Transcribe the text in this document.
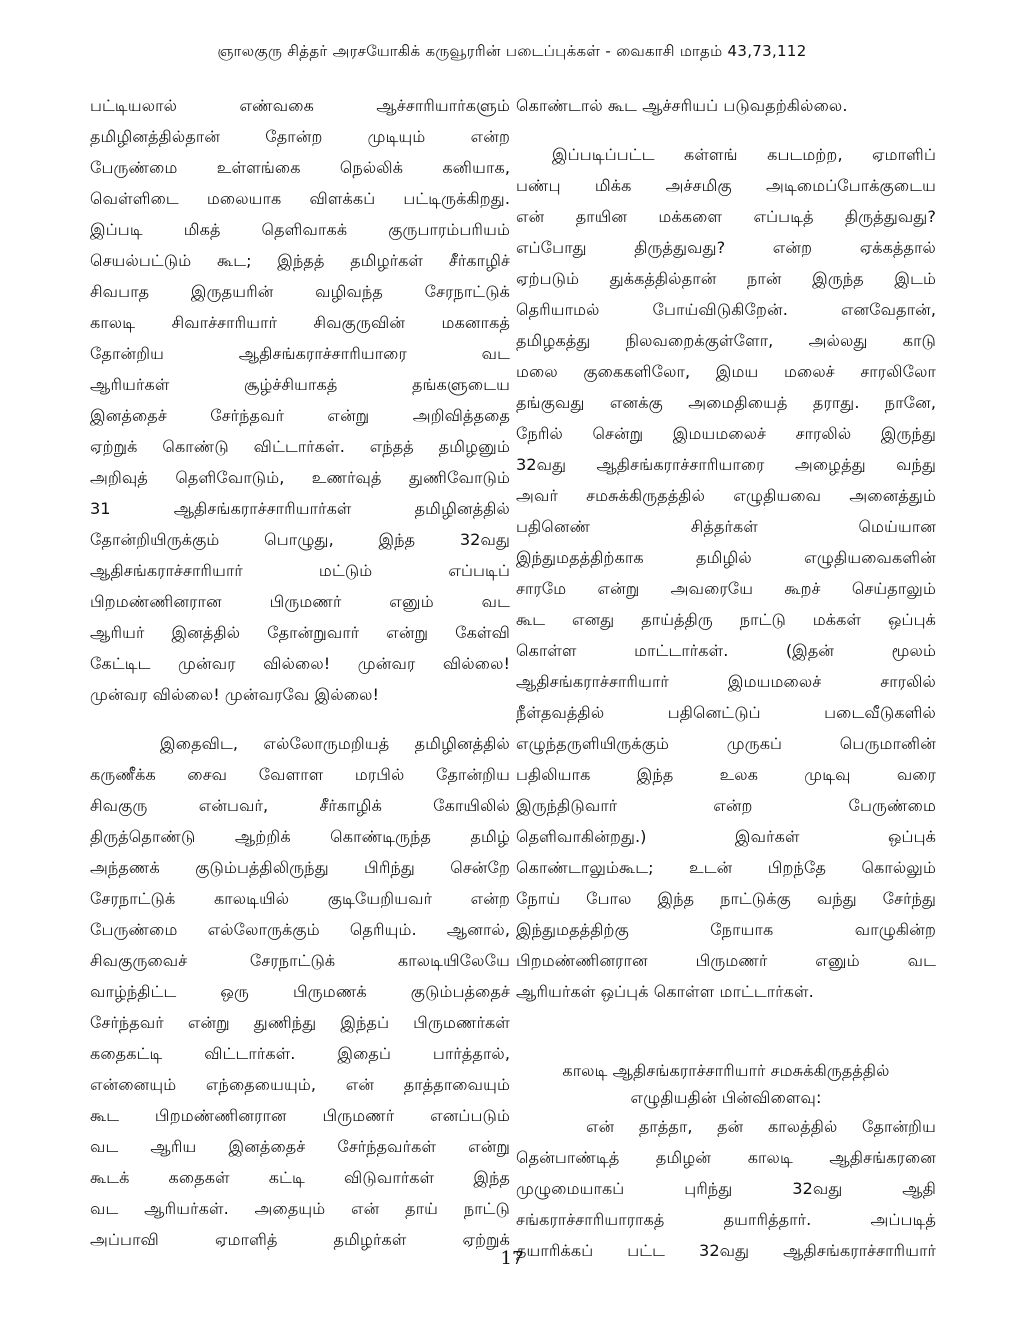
ஞாலகுரு சித்தர் அரசயோகிக் கருவூரரின் படைப்புக்கள் - வைகாசி மாதம் 43,73,112

பட்டியலால் எண்வகை ஆச்சாரியார்களும்
தமிழினத்தில்தான் தோன்ற முடியும் என்ற
பேருண்மை உள்ளங்கை நெல்லிக் கனியாக,
வெள்ளிடை மலையாக விளக்கப் பட்டிருக்கிறது.
இப்படி மிகத் தெளிவாகக் குருபாரம்பரியம்
செயல்பட்டும் கூட; இந்தத் தமிழர்கள் சீர்காழிச்
சிவபாத இருதயரின் வழிவந்த சேரநாட்டுக்
காலடி சிவாச்சாரியார் சிவகுருவின் மகனாகத்
தோன்றிய ஆதிசங்கராச்சாரியாரை வட
ஆரியர்கள் சூழ்ச்சியாகத் தங்களுடைய
இனத்தைச் சேர்ந்தவர் என்று அறிவித்ததை
ஏற்றுக் கொண்டு விட்டார்கள். எந்தத் தமிழனும்
அறிவுத் தெளிவோடும், உணர்வுத் துணிவோடும்
31 ஆதிசங்கராச்சாரியார்கள் தமிழினத்தில்
தோன்றியிருக்கும் பொழுது, இந்த 32வது
ஆதிசங்கராச்சாரியார் மட்டும் எப்படிப்
பிறமண்ணினரான பிருமணர் எனும் வட
ஆரியர் இனத்தில் தோன்றுவார் என்று கேள்வி
கேட்டிட முன்வர வில்லை! முன்வர வில்லை!
முன்வர வில்லை! முன்வரவே இல்லை!

இதைவிட, எல்லோருமறியத் தமிழினத்தில்
கருணீக்க சைவ வேளாள மரபில் தோன்றிய
சிவகுரு என்பவர், சீர்காழிக் கோயிலில்
திருத்தொண்டு ஆற்றிக் கொண்டிருந்த தமிழ்
அந்தணக் குடும்பத்திலிருந்து பிரிந்து சென்றே
சேரநாட்டுக் காலடியில் குடியேறியவர் என்ற
பேருண்மை எல்லோருக்கும் தெரியும். ஆனால்,
சிவகுருவைச் சேரநாட்டுக் காலடியிலேயே
வாழ்ந்திட்ட ஒரு பிருமணக் குடும்பத்தைச்
சேர்ந்தவர் என்று துணிந்து இந்தப் பிருமணர்கள்
கதைகட்டி விட்டார்கள். இதைப் பார்த்தால்,
என்னையும் எந்தையையும், என் தாத்தாவையும்
கூட பிறமண்ணினரான பிருமணர் எனப்படும்
வட ஆரிய இனத்தைச் சேர்ந்தவர்கள் என்று
கூடக் கதைகள் கட்டி விடுவார்கள் இந்த
வட ஆரியர்கள். அதையும் என் தாய் நாட்டு
அப்பாவி ஏமாளித் தமிழர்கள் ஏற்றுக்

கொண்டால் கூட ஆச்சரியப் படுவதற்கில்லை.

இப்படிப்பட்ட கள்ளங் கபடமற்ற, ஏமாளிப்
பண்பு மிக்க அச்சமிகு அடிமைப்போக்குடைய
என் தாயின மக்களை எப்படித் திருத்துவது?
எப்போது திருத்துவது? என்ற ஏக்கத்தால்
ஏற்படும் துக்கத்தில்தான் நான் இருந்த இடம்
தெரியாமல் போய்விடுகிறேன். எனவேதான்,
தமிழகத்து நிலவறைக்குள்ளோ, அல்லது காடு
மலை குகைகளிலோ, இமய மலைச் சாரலிலோ
தங்குவது எனக்கு அமைதியைத் தராது. நானே,
நேரில் சென்று இமயமலைச் சாரலில் இருந்து
32வது ஆதிசங்கராச்சாரியாரை அழைத்து வந்து
அவர் சமசுக்கிருதத்தில் எழுதியவை அனைத்தும்
பதினெண் சித்தர்கள் மெய்யான
இந்துமதத்திற்காக தமிழில் எழுதியவைகளின்
சாரமே என்று அவரையே கூறச் செய்தாலும்
கூட எனது தாய்த்திரு நாட்டு மக்கள் ஒப்புக்
கொள்ள மாட்டார்கள். (இதன் மூலம்
ஆதிசங்கராச்சாரியார் இமயமலைச் சாரலில்
நீள்தவத்தில் பதினெட்டுப் படைவீடுகளில்
எழுந்தருளியிருக்கும் முருகப் பெருமானின்
பதிலியாக இந்த உலக முடிவு வரை
இருந்திடுவார் என்ற பேருண்மை
தெளிவாகின்றது.) இவர்கள் ஒப்புக்
கொண்டாலும்கூட; உடன் பிறந்தே கொல்லும்
நோய் போல இந்த நாட்டுக்கு வந்து சேர்ந்து
இந்துமதத்திற்கு நோயாக வாழுகின்ற
பிறமண்ணினரான பிருமணர் எனும் வட
ஆரியர்கள் ஒப்புக் கொள்ள மாட்டார்கள்.

காலடி ஆதிசங்கராச்சாரியார் சமசுக்கிருதத்தில்
எழுதியதின் பின்விளைவு:

என் தாத்தா, தன் காலத்தில் தோன்றிய
தென்பாண்டித் தமிழன் காலடி ஆதிசங்கரனை
முழுமையாகப் புரிந்து 32வது ஆதி
சங்கராச்சாரியாராகத் தயாரித்தார். அப்படித்
தயாரிக்கப் பட்ட 32வது ஆதிசங்கராச்சாரியார்

17
